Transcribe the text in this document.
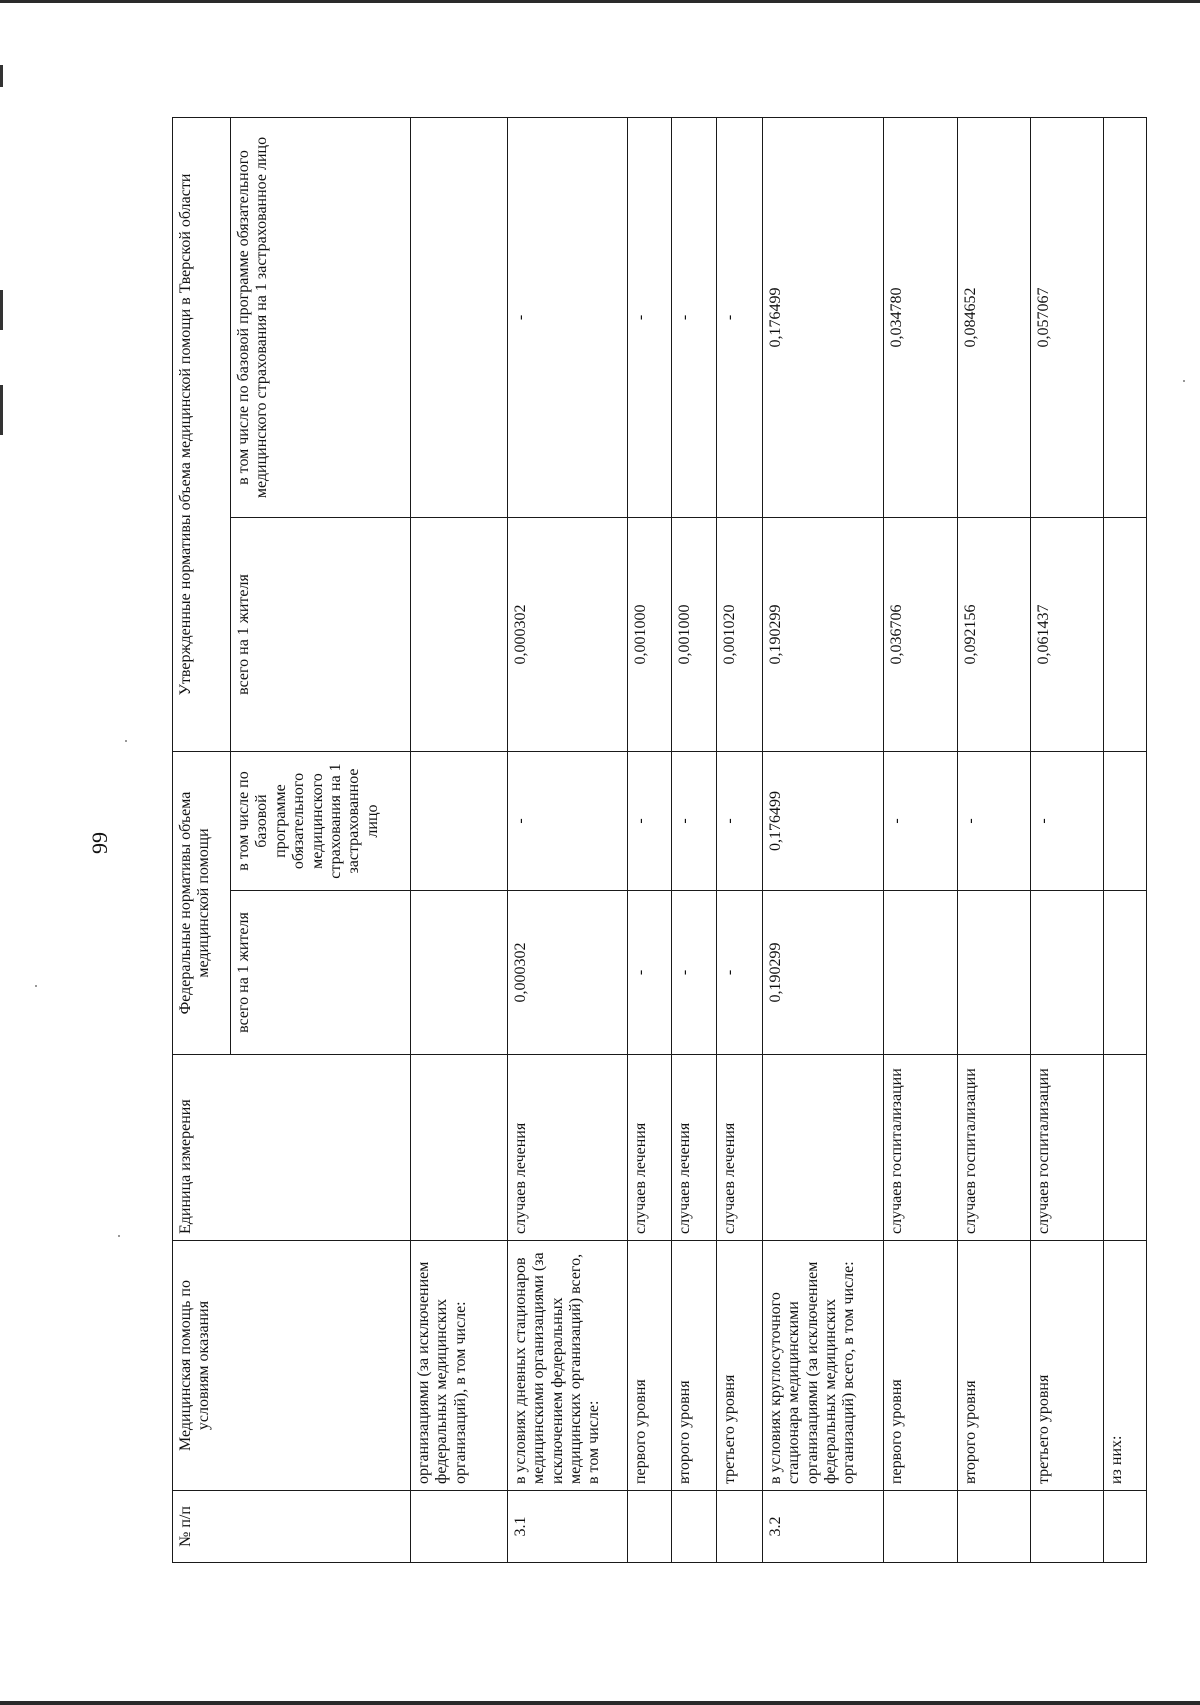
99
№ п/п	Медицинская помощь по условиям оказания	Единица измерения	Федеральные нормативы объема медицинской помощи		Утвержденные нормативы объема медицинской помощи в Тверской области	
			всего на 1 жителя	в том числе по базовой программе обязательного медицинского страхования на 1 застрахованное лицо	всего на 1 жителя	в том числе по базовой программе обязательного медицинского страхования на 1 застрахованное лицо
	организациями (за исключением федеральных медицинских организаций), в том числе:					
3.1	в условиях дневных стационаров медицинскими организациями (за исключением федеральных медицинских организаций) всего, в том числе:	случаев лечения	0,000302	-	0,000302	-
	первого уровня	случаев лечения	-	-	0,001000	-
	второго уровня	случаев лечения	-	-	0,001000	-
	третьего уровня	случаев лечения	-	-	0,001020	-
3.2	в условиях круглосуточного стационара медицинскими организациями (за исключением федеральных медицинских организаций) всего, в том числе:		0,190299	0,176499	0,190299	0,176499
	первого уровня	случаев госпитализации		-	0,036706	0,034780
	второго уровня	случаев госпитализации		-	0,092156	0,084652
	третьего уровня	случаев госпитализации		-	0,061437	0,057067
	из них:					
